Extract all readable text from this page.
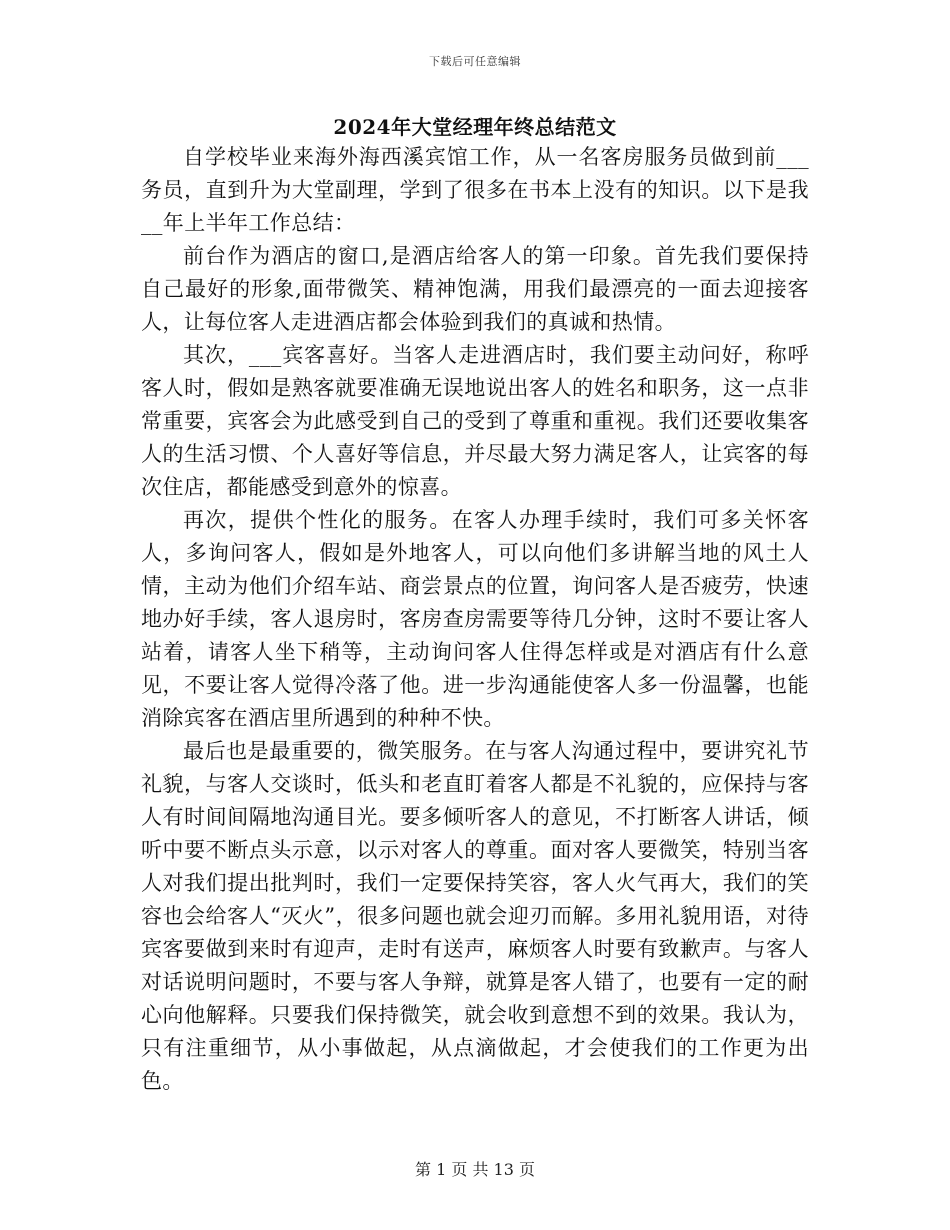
下载后可任意编辑
2024年大堂经理年终总结范文

自学校毕业来海外海西溪宾馆工作，从一名客房服务员做到前___务员，直到升为大堂副理，学到了很多在书本上没有的知识。以下是我__年上半年工作总结：

前台作为酒店的窗口,是酒店给客人的第一印象。首先我们要保持自己最好的形象,面带微笑、精神饱满，用我们最漂亮的一面去迎接客人，让每位客人走进酒店都会体验到我们的真诚和热情。

其次，___宾客喜好。当客人走进酒店时，我们要主动问好，称呼客人时，假如是熟客就要准确无误地说出客人的姓名和职务，这一点非常重要，宾客会为此感受到自己的受到了尊重和重视。我们还要收集客人的生活习惯、个人喜好等信息，并尽最大努力满足客人，让宾客的每次住店，都能感受到意外的惊喜。

再次，提供个性化的服务。在客人办理手续时，我们可多关怀客人，多询问客人，假如是外地客人，可以向他们多讲解当地的风土人情，主动为他们介绍车站、商尝景点的位置，询问客人是否疲劳，快速地办好手续，客人退房时，客房查房需要等待几分钟，这时不要让客人站着，请客人坐下稍等，主动询问客人住得怎样或是对酒店有什么意见，不要让客人觉得冷落了他。进一步沟通能使客人多一份温馨，也能消除宾客在酒店里所遇到的种种不快。

最后也是最重要的，微笑服务。在与客人沟通过程中，要讲究礼节礼貌，与客人交谈时，低头和老直盯着客人都是不礼貌的，应保持与客人有时间间隔地沟通目光。要多倾听客人的意见，不打断客人讲话，倾听中要不断点头示意，以示对客人的尊重。面对客人要微笑，特别当客人对我们提出批判时，我们一定要保持笑容，客人火气再大，我们的笑容也会给客人“灭火”，很多问题也就会迎刃而解。多用礼貌用语，对待宾客要做到来时有迎声，走时有送声，麻烦客人时要有致歉声。与客人对话说明问题时，不要与客人争辩，就算是客人错了，也要有一定的耐心向他解释。只要我们保持微笑，就会收到意想不到的效果。我认为，只有注重细节，从小事做起，从点滴做起，才会使我们的工作更为出色。

第 1 页 共 13 页
